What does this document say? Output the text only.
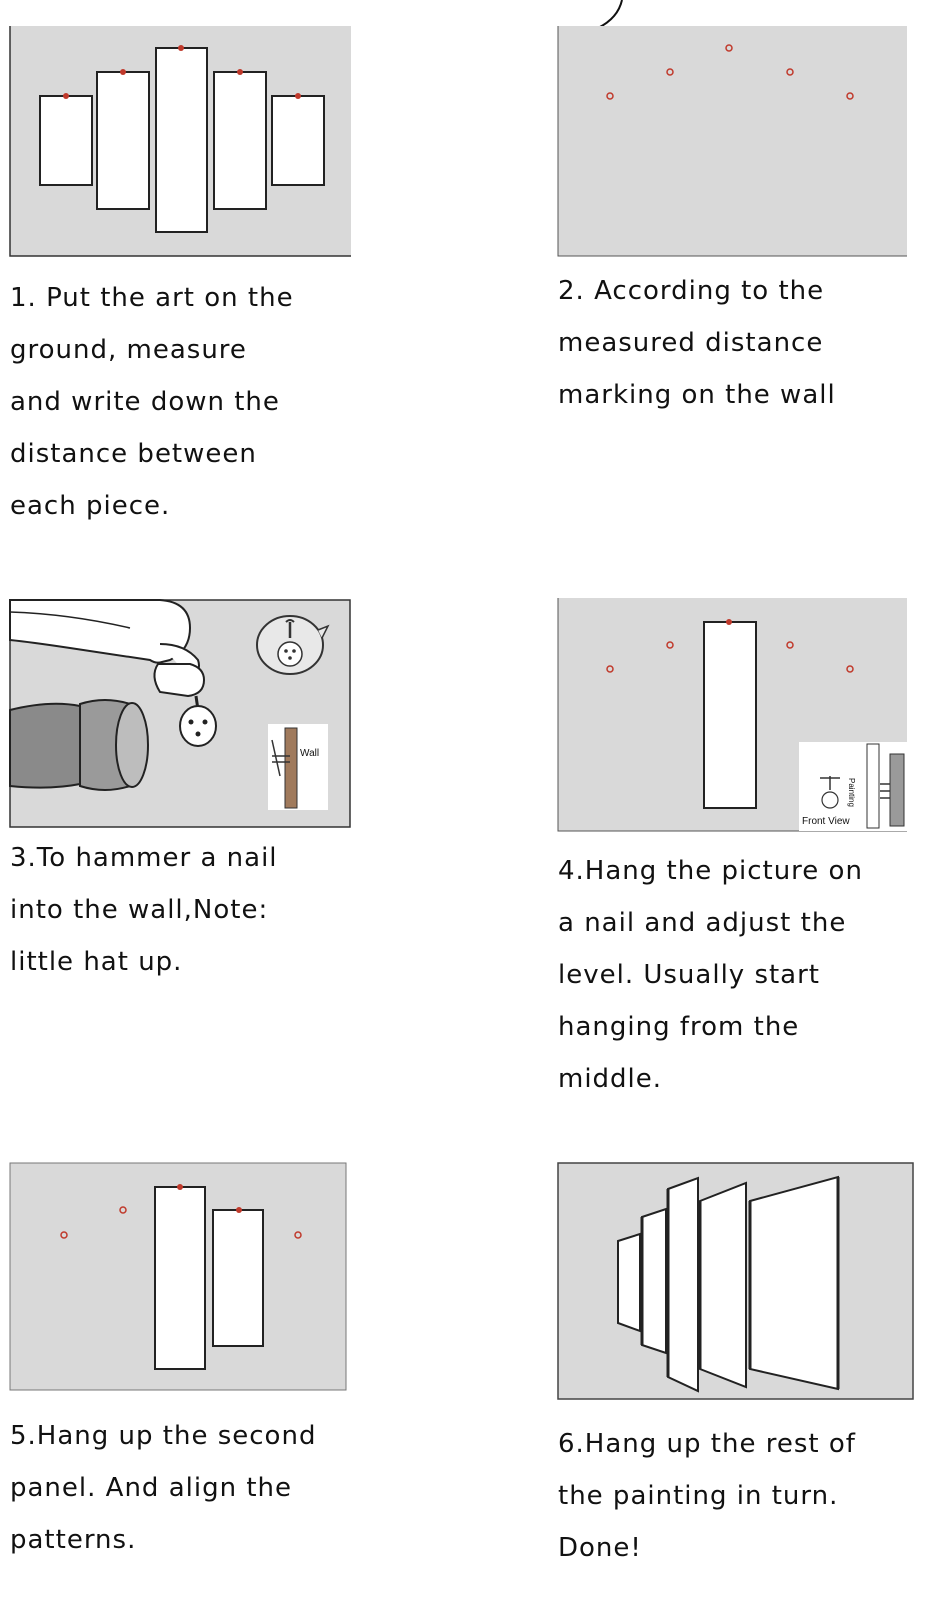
1. Put the art on the
ground, measure
and write down the
distance between
each piece.
2. According to the
measured distance
marking on the wall
Wall
3.To hammer a nail
into the wall,Note:
little hat up.
Front View
Painting
4.Hang the picture on
a nail and adjust the
level. Usually start
hanging from the
middle.
5.Hang up the second
panel. And align the
patterns.
6.Hang up the rest of
the painting in turn.
Done!
